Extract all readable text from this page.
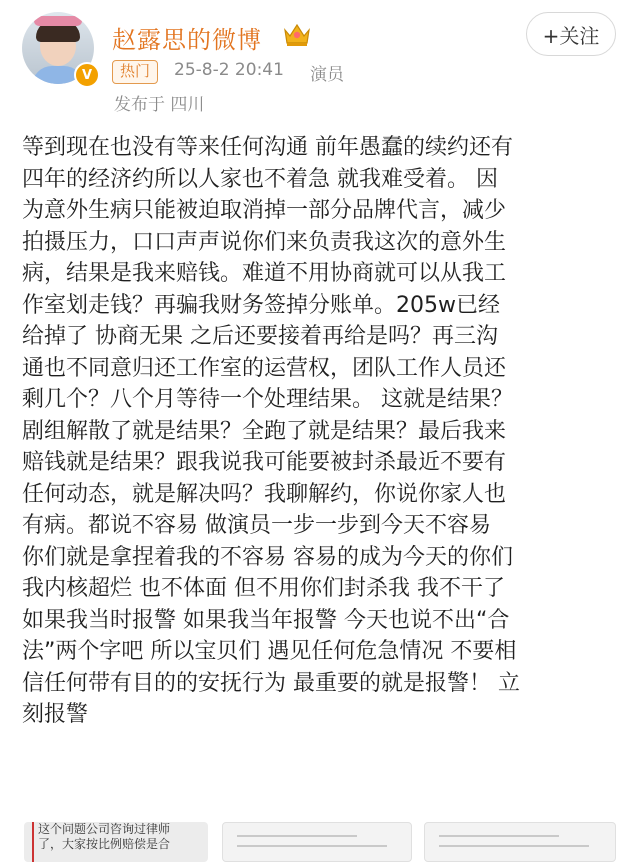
V
赵露思的微博	+关注
热门	25-8-2 20:41 演员
发布于 四川
等到现在也没有等来任何沟通 前年愚蠢的续约还有
四年的经济约所以人家也不着急 就我难受着。 因
为意外生病只能被迫取消掉一部分品牌代言，减少
拍摄压力，口口声声说你们来负责我这次的意外生
病，结果是我来赔钱。难道不用协商就可以从我工
作室划走钱？再骗我财务签掉分账单。205w已经
给掉了 协商无果 之后还要接着再给是吗？再三沟
通也不同意归还工作室的运营权，团队工作人员还
剩几个？八个月等待一个处理结果。 这就是结果？
剧组解散了就是结果？全跑了就是结果？最后我来
赔钱就是结果？跟我说我可能要被封杀最近不要有
任何动态，就是解决吗？我聊解约，你说你家人也
有病。都说不容易 做演员一步一步到今天不容易
你们就是拿捏着我的不容易 容易的成为今天的你们
我内核超烂 也不体面 但不用你们封杀我 我不干了
如果我当时报警 如果我当年报警 今天也说不出“合
法”两个字吧 所以宝贝们 遇见任何危急情况 不要相
信任何带有目的的安抚行为 最重要的就是报警！ 立
刻报警
这个问题公司咨询过律师
了，大家按比例赔偿是合
